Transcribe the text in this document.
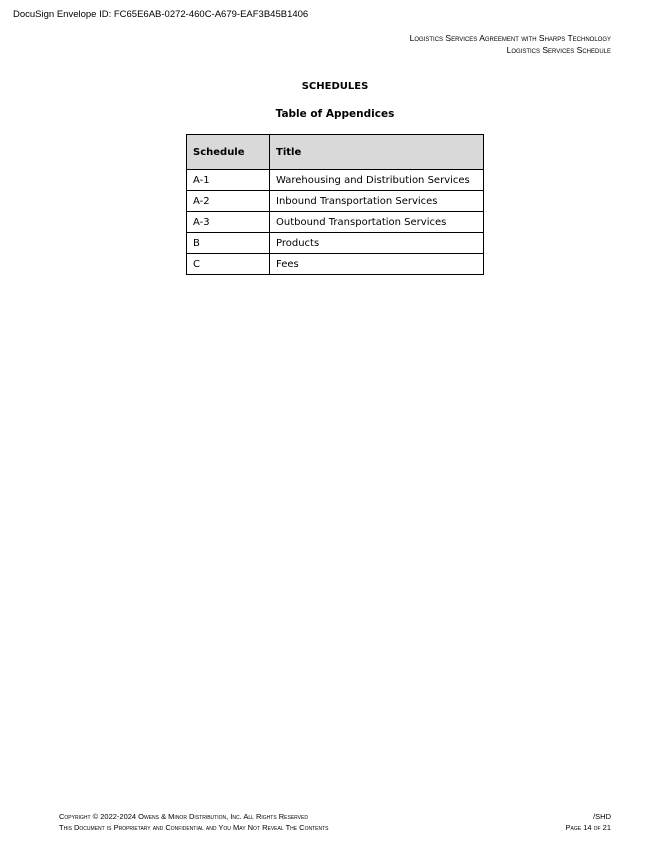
DocuSign Envelope ID: FC65E6AB-0272-460C-A679-EAF3B45B1406
Logistics Services Agreement with Sharps Technology
Logistics Services Schedule
SCHEDULES
Table of Appendices
Schedule	Title
A-1	Warehousing and Distribution Services
A-2	Inbound Transportation Services
A-3	Outbound Transportation Services
B	Products
C	Fees
Copyright © 2022-2024 Owens & Minor Distribution, Inc. All Rights Reserved
This Document is Proprietary and Confidential and You May Not Reveal The Contents
/SHD
Page 14 of 21
